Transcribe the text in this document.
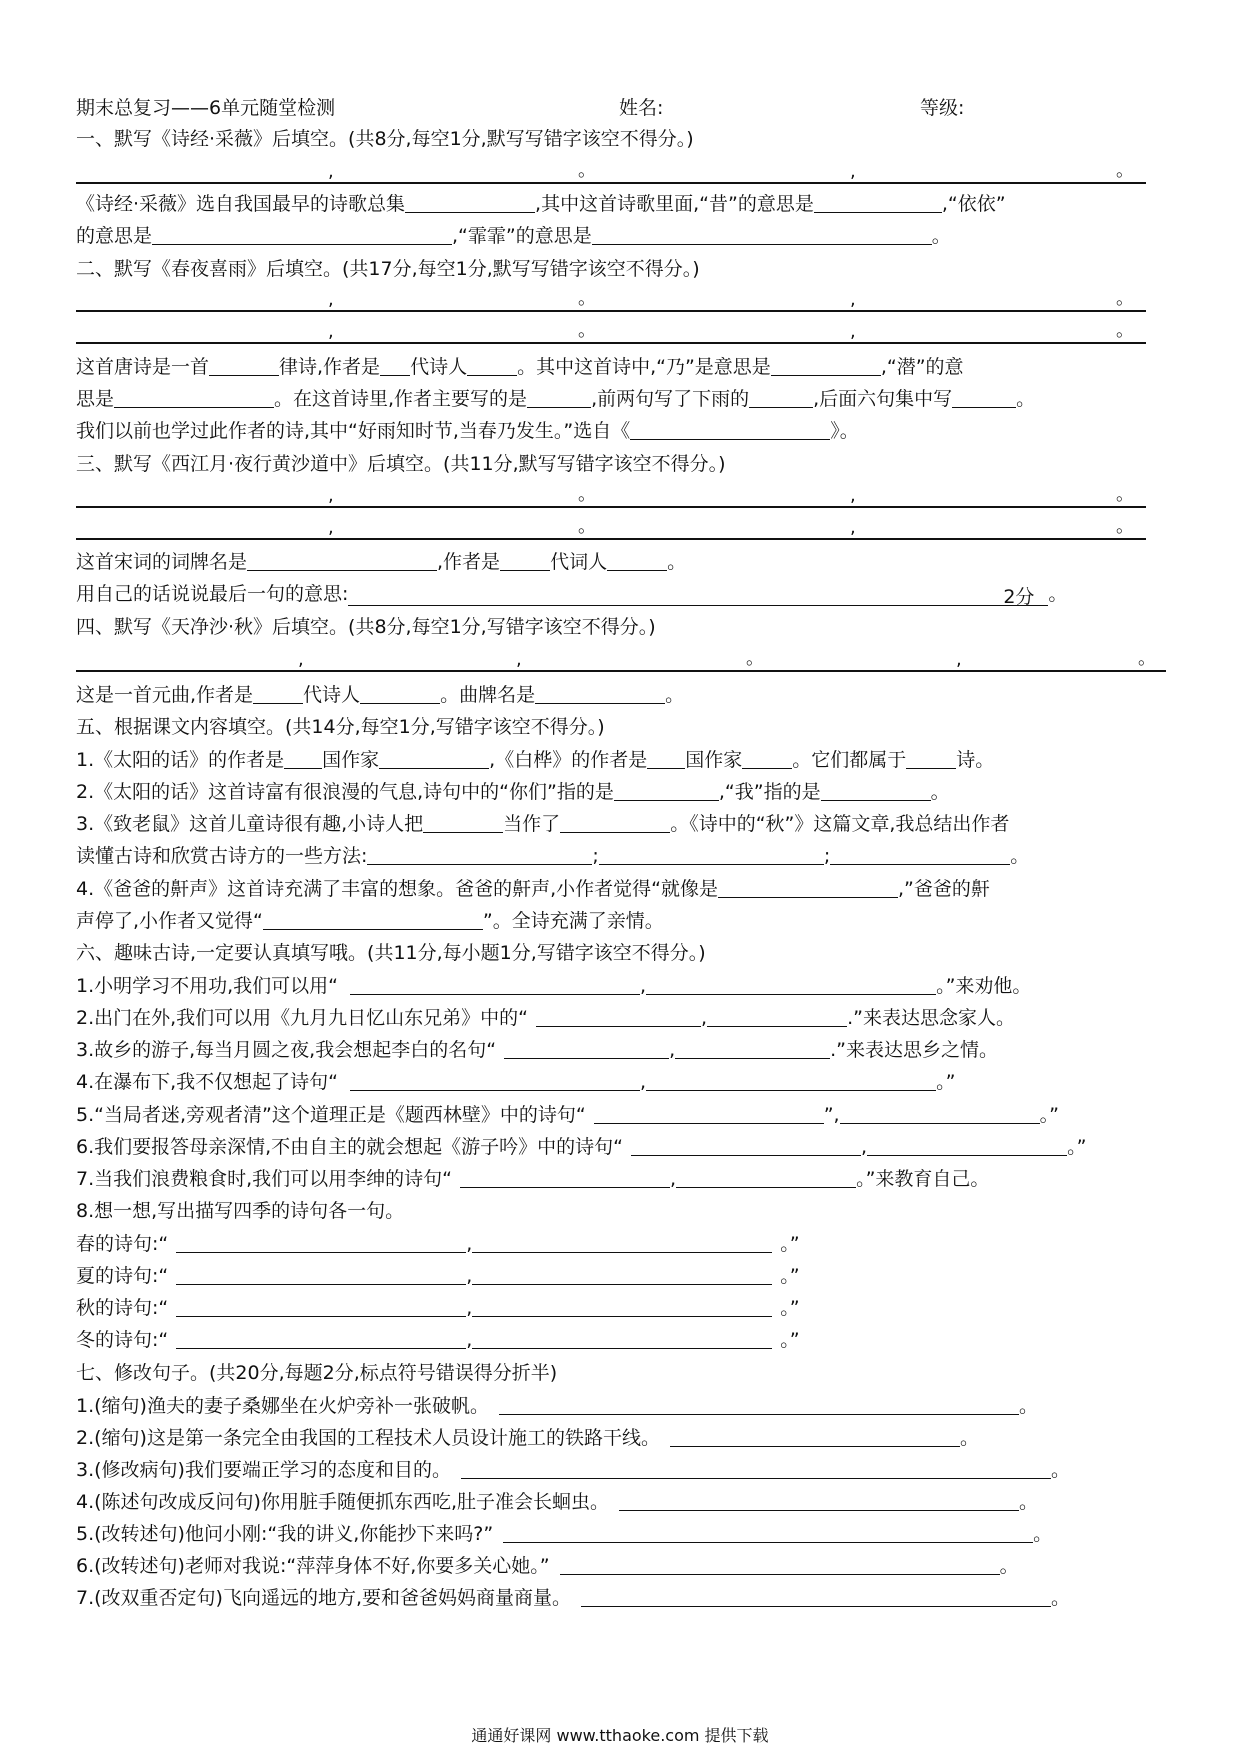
期末总复习——6单元随堂检测	姓名:	等级:
一、默写《诗经·采薇》后填空。(共8分,每空1分,默写写错字该空不得分。)
,	。	,	。
《诗经·采薇》选自我国最早的诗歌总集	,其中这首诗歌里面,“昔”的意思是	,“依依”
的意思是	,“霏霏”的意思是	。
二、默写《春夜喜雨》后填空。(共17分,每空1分,默写写错字该空不得分。)
,	。	,	。
,	。	,	。
这首唐诗是一首	律诗,作者是 代诗人	。其中这首诗中,“乃”是意思是	,“潜”的意
思是	。在这首诗里,作者主要写的是	,前两句写了下雨的	,后面六句集中写	。
我们以前也学过此作者的诗,其中“好雨知时节,当春乃发生。”选自《	》。
三、默写《西江月·夜行黄沙道中》后填空。(共11分,默写写错字该空不得分。)
,	。	,	。
,	。	,	。
这首宋词的词牌名是	,作者是	代词人	。
用自己的话说说最后一句的意思:	2分 。
四、默写《天净沙·秋》后填空。(共8分,每空1分,写错字该空不得分。)
,	,	。	,	。
这是一首元曲,作者是	代诗人	。曲牌名是	。
五、根据课文内容填空。(共14分,每空1分,写错字该空不得分。)
1.《太阳的话》的作者是 国作家	,《白桦》的作者是 国作家	。它们都属于	诗。
2.《太阳的话》这首诗富有很浪漫的气息,诗句中的“你们”指的是	,“我”指的是	。
3.《致老鼠》这首儿童诗很有趣,小诗人把	当作了	。《诗中的“秋”》这篇文章,我总结出作者
读懂古诗和欣赏古诗方的一些方法:	;	;	。
4.《爸爸的鼾声》这首诗充满了丰富的想象。爸爸的鼾声,小作者觉得“就像是	,”爸爸的鼾
声停了,小作者又觉得“	”。全诗充满了亲情。
六、趣味古诗,一定要认真填写哦。(共11分,每小题1分,写错字该空不得分。)
1.小明学习不用功,我们可以用“	,	。”来劝他。
2.出门在外,我们可以用《九月九日忆山东兄弟》中的“	,	.”来表达思念家人。
3.故乡的游子,每当月圆之夜,我会想起李白的名句“	,	.”来表达思乡之情。
4.在瀑布下,我不仅想起了诗句“	,	。”
5.“当局者迷,旁观者清”这个道理正是《题西林壁》中的诗句“	”,	。”
6.我们要报答母亲深情,不由自主的就会想起《游子吟》中的诗句“	,	。”
7.当我们浪费粮食时,我们可以用李绅的诗句“	,	。”来教育自己。
8.想一想,写出描写四季的诗句各一句。
春的诗句:“	,	。”
夏的诗句:“	,	。”
秋的诗句:“	,	。”
冬的诗句:“	,	。”
七、修改句子。(共20分,每题2分,标点符号错误得分折半)
1.(缩句)渔夫的妻子桑娜坐在火炉旁补一张破帆。	。
2.(缩句)这是第一条完全由我国的工程技术人员设计施工的铁路干线。	。
3.(修改病句)我们要端正学习的态度和目的。	。
4.(陈述句改成反问句)你用脏手随便抓东西吃,肚子准会长蛔虫。	。
5.(改转述句)他问小刚:“我的讲义,你能抄下来吗?”	。
6.(改转述句)老师对我说:“萍萍身体不好,你要多关心她。”	。
7.(改双重否定句)飞向遥远的地方,要和爸爸妈妈商量商量。	。
通通好课网 www.tthaoke.com 提供下载
